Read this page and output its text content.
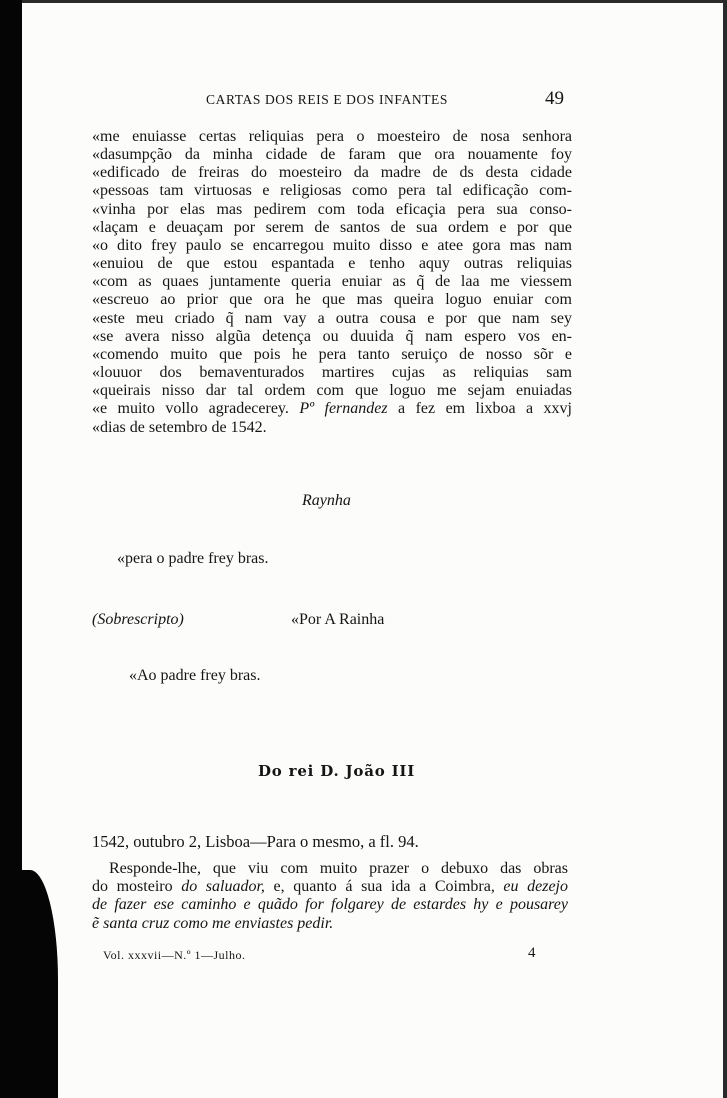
CARTAS DOS REIS E DOS INFANTES	49
«me enuiasse certas reliquias pera o moesteiro de nosa senhora
«dasumpção da minha cidade de faram que ora nouamente foy
«edificado de freiras do moesteiro da madre de ds desta cidade
«pessoas tam virtuosas e religiosas como pera tal edificação com-
«vinha por elas mas pedirem com toda eficaçia pera sua conso-
«laçam e deuaçam por serem de santos de sua ordem e por que
«o dito frey paulo se encarregou muito disso e atee gora mas nam
«enuiou de que estou espantada e tenho aquy outras reliquias
«com as quaes juntamente queria enuiar as q̃ de laa me viessem
«escreuo ao prior que ora he que mas queira loguo enuiar com
«este meu criado q̃ nam vay a outra cousa e por que nam sey
«se avera nisso algũa detença ou duuida q̃ nam espero vos en-
«comendo muito que pois he pera tanto seruiço de nosso sõr e
«louuor dos bemaventurados martires cujas as reliquias sam
«queirais nisso dar tal ordem com que loguo me sejam enuiadas
«e muito vollo agradecerey. Pº fernandez a fez em lixboa a xxvj
«dias de setembro de 1542.
Raynha
«pera o padre frey bras.
(Sobrescripto)	«Por A Rainha
«Ao padre frey bras.
Do rei D. João III
1542, outubro 2, Lisboa—Para o mesmo, a fl. 94.
Responde-lhe, que viu com muito prazer o debuxo das obras
do mosteiro do saluador, e, quanto á sua ida a Coimbra, eu dezejo
de fazer ese caminho e quãdo for folgarey de estardes hy e pousarey
ẽ santa cruz como me enviastes pedir.
Vol. xxxvii—N.º 1—Julho.	4
